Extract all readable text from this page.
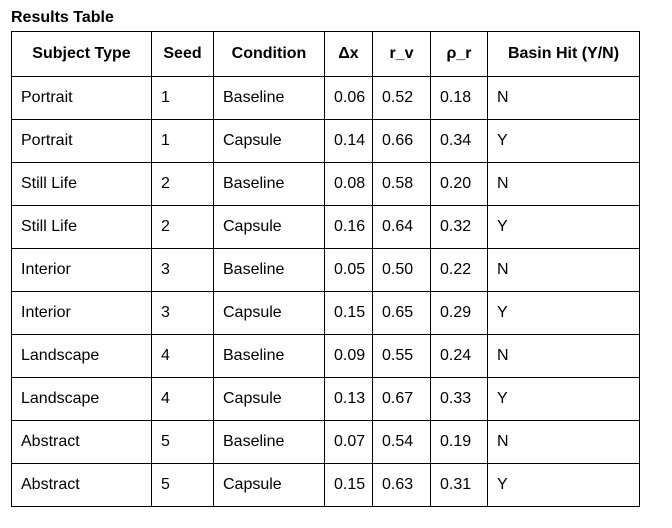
Results Table
Subject Type	Seed	Condition	Δx	r_v	ρ_r	Basin Hit (Y/N)
Portrait	1	Baseline	0.06	0.52	0.18	N
Portrait	1	Capsule	0.14	0.66	0.34	Y
Still Life	2	Baseline	0.08	0.58	0.20	N
Still Life	2	Capsule	0.16	0.64	0.32	Y
Interior	3	Baseline	0.05	0.50	0.22	N
Interior	3	Capsule	0.15	0.65	0.29	Y
Landscape	4	Baseline	0.09	0.55	0.24	N
Landscape	4	Capsule	0.13	0.67	0.33	Y
Abstract	5	Baseline	0.07	0.54	0.19	N
Abstract	5	Capsule	0.15	0.63	0.31	Y
